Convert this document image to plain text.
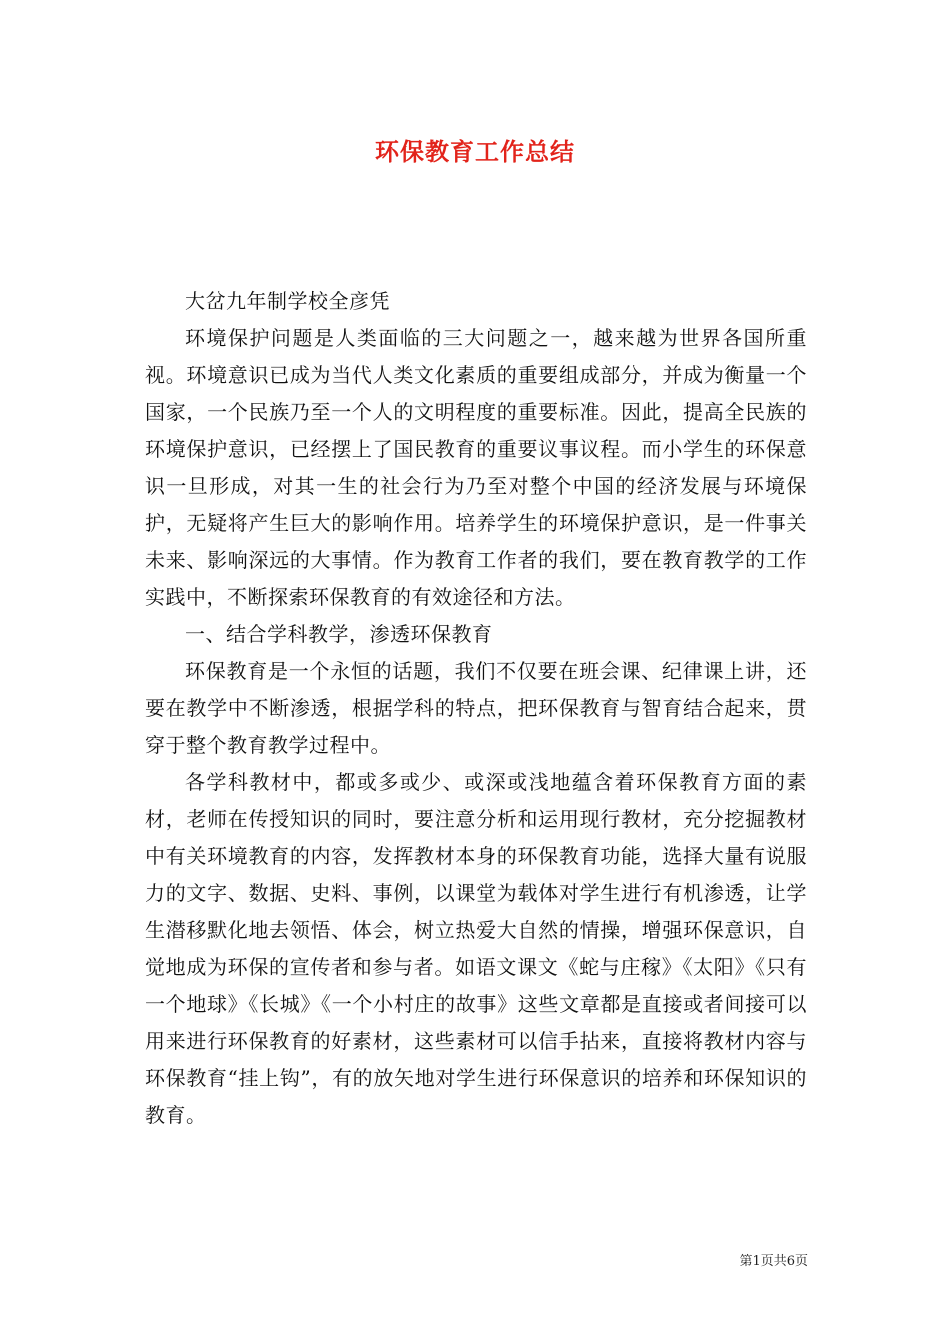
环保教育工作总结

大岔九年制学校全彦凭

环境保护问题是人类面临的三大问题之一，越来越为世界各国所重视。环境意识已成为当代人类文化素质的重要组成部分，并成为衡量一个国家，一个民族乃至一个人的文明程度的重要标准。因此，提高全民族的环境保护意识，已经摆上了国民教育的重要议事议程。而小学生的环保意识一旦形成，对其一生的社会行为乃至对整个中国的经济发展与环境保护，无疑将产生巨大的影响作用。培养学生的环境保护意识，是一件事关未来、影响深远的大事情。作为教育工作者的我们，要在教育教学的工作实践中，不断探索环保教育的有效途径和方法。

一、结合学科教学，渗透环保教育

环保教育是一个永恒的话题，我们不仅要在班会课、纪律课上讲，还要在教学中不断渗透，根据学科的特点，把环保教育与智育结合起来，贯穿于整个教育教学过程中。

各学科教材中，都或多或少、或深或浅地蕴含着环保教育方面的素材，老师在传授知识的同时，要注意分析和运用现行教材，充分挖掘教材中有关环境教育的内容，发挥教材本身的环保教育功能，选择大量有说服力的文字、数据、史料、事例，以课堂为载体对学生进行有机渗透，让学生潜移默化地去领悟、体会，树立热爱大自然的情操，增强环保意识，自觉地成为环保的宣传者和参与者。如语文课文《蛇与庄稼》《太阳》《只有一个地球》《长城》《一个小村庄的故事》这些文章都是直接或者间接可以用来进行环保教育的好素材，这些素材可以信手拈来，直接将教材内容与环保教育“挂上钩”，有的放矢地对学生进行环保意识的培养和环保知识的教育。

第1页共6页
